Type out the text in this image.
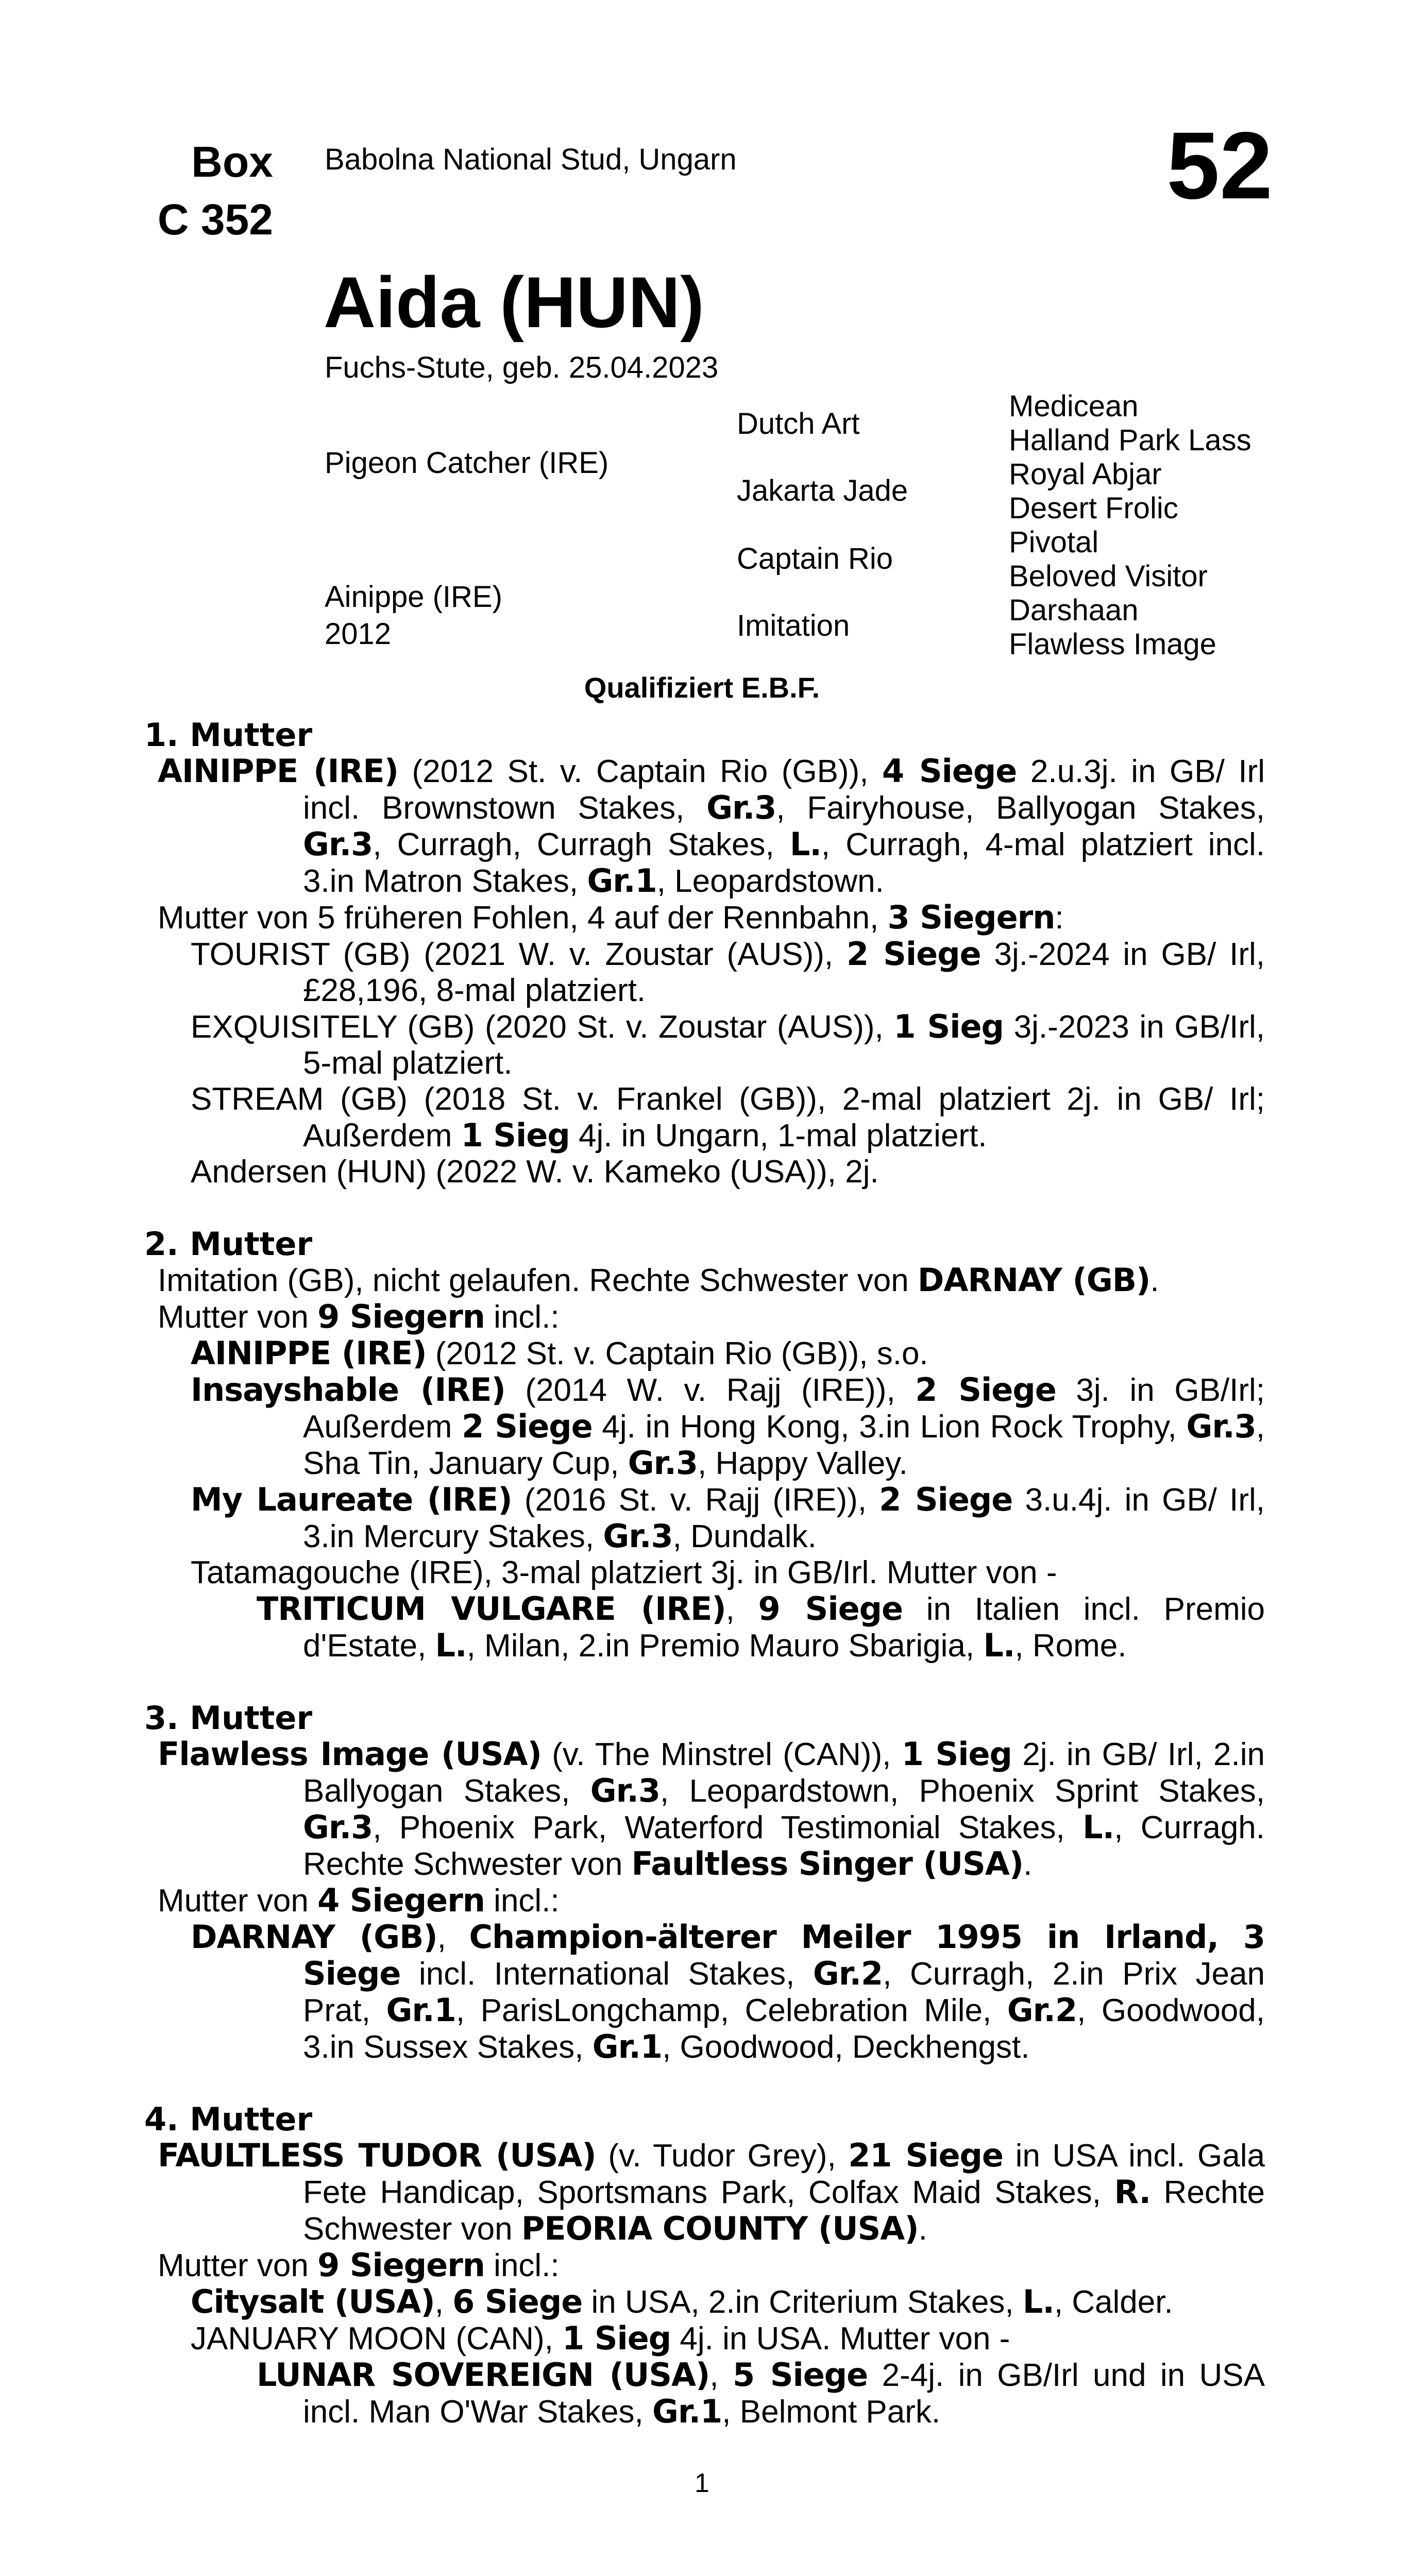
Box
C 352
Babolna National Stud, Ungarn	52
Aida (HUN)
Fuchs-Stute, geb. 25.04.2023
Pigeon Catcher (IRE)
Ainippe (IRE)
2012
Dutch Art
Jakarta Jade
Captain Rio
Imitation
Medicean
Halland Park Lass
Royal Abjar
Desert Frolic
Pivotal
Beloved Visitor
Darshaan
Flawless Image
Qualifiziert E.B.F.
1. Mutter
AINIPPE (IRE) (2012 St. v. Captain Rio (GB)), 4 Siege 2.u.3j. in GB/ Irl incl. Brownstown Stakes, Gr.3, Fairyhouse, Ballyogan Stakes, Gr.3, Curragh, Curragh Stakes, L., Curragh, 4-mal platziert incl. 3.in Matron Stakes, Gr.1, Leopardstown.
Mutter von 5 früheren Fohlen, 4 auf der Rennbahn, 3 Siegern:
TOURIST (GB) (2021 W. v. Zoustar (AUS)), 2 Siege 3j.-2024 in GB/ Irl, £28,196, 8-mal platziert.
EXQUISITELY (GB) (2020 St. v. Zoustar (AUS)), 1 Sieg 3j.-2023 in GB/Irl, 5-mal platziert.
STREAM (GB) (2018 St. v. Frankel (GB)), 2-mal platziert 2j. in GB/ Irl; Außerdem 1 Sieg 4j. in Ungarn, 1-mal platziert.
Andersen (HUN) (2022 W. v. Kameko (USA)), 2j.
2. Mutter
Imitation (GB), nicht gelaufen. Rechte Schwester von DARNAY (GB).
Mutter von 9 Siegern incl.:
AINIPPE (IRE) (2012 St. v. Captain Rio (GB)), s.o.
Insayshable (IRE) (2014 W. v. Rajj (IRE)), 2 Siege 3j. in GB/Irl; Außerdem 2 Siege 4j. in Hong Kong, 3.in Lion Rock Trophy, Gr.3, Sha Tin, January Cup, Gr.3, Happy Valley.
My Laureate (IRE) (2016 St. v. Rajj (IRE)), 2 Siege 3.u.4j. in GB/ Irl, 3.in Mercury Stakes, Gr.3, Dundalk.
Tatamagouche (IRE), 3-mal platziert 3j. in GB/Irl. Mutter von -
TRITICUM VULGARE (IRE), 9 Siege in Italien incl. Premio d'Estate, L., Milan, 2.in Premio Mauro Sbarigia, L., Rome.
3. Mutter
Flawless Image (USA) (v. The Minstrel (CAN)), 1 Sieg 2j. in GB/ Irl, 2.in Ballyogan Stakes, Gr.3, Leopardstown, Phoenix Sprint Stakes, Gr.3, Phoenix Park, Waterford Testimonial Stakes, L., Curragh. Rechte Schwester von Faultless Singer (USA).
Mutter von 4 Siegern incl.:
DARNAY (GB), Champion-älterer Meiler 1995 in Irland, 3 Siege incl. International Stakes, Gr.2, Curragh, 2.in Prix Jean Prat, Gr.1, ParisLongchamp, Celebration Mile, Gr.2, Goodwood, 3.in Sussex Stakes, Gr.1, Goodwood, Deckhengst.
4. Mutter
FAULTLESS TUDOR (USA) (v. Tudor Grey), 21 Siege in USA incl. Gala Fete Handicap, Sportsmans Park, Colfax Maid Stakes, R. Rechte Schwester von PEORIA COUNTY (USA).
Mutter von 9 Siegern incl.:
Citysalt (USA), 6 Siege in USA, 2.in Criterium Stakes, L., Calder.
JANUARY MOON (CAN), 1 Sieg 4j. in USA. Mutter von -
LUNAR SOVEREIGN (USA), 5 Siege 2-4j. in GB/Irl und in USA incl. Man O'War Stakes, Gr.1, Belmont Park.
1
